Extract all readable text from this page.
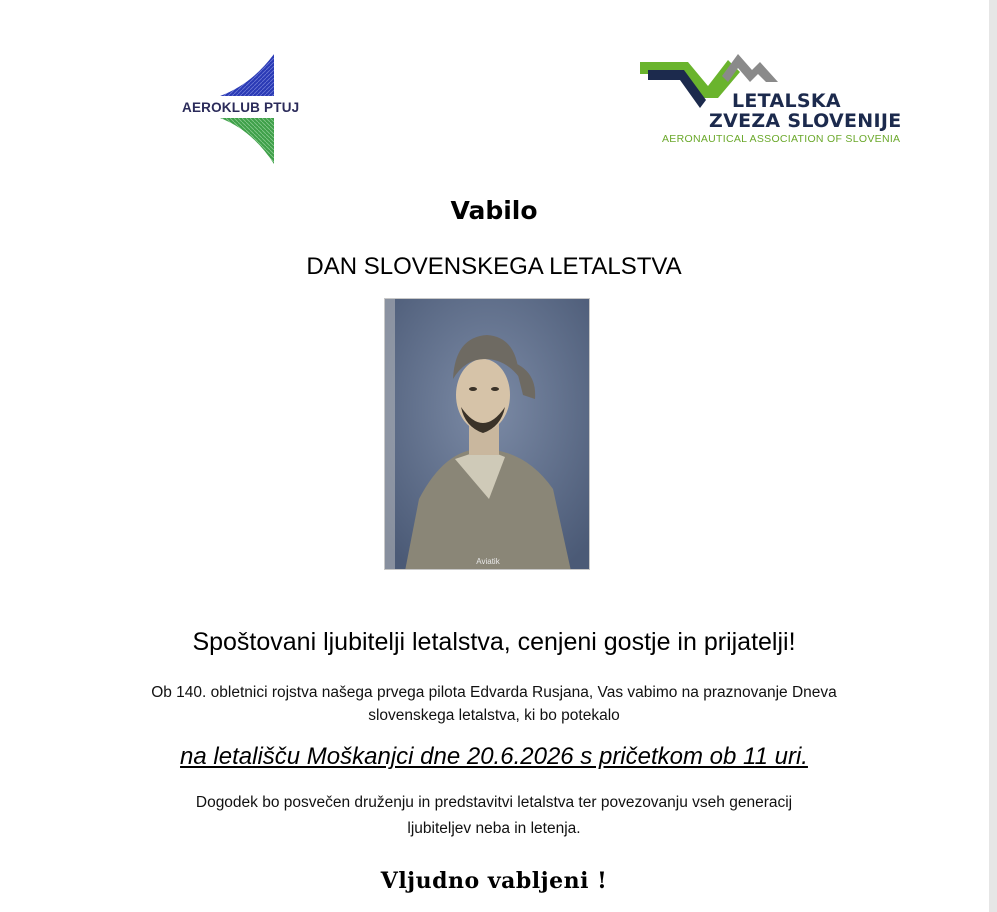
AEROKLUB PTUJ	LETALSKA
ZVEZA SLOVENIJE
AERONAUTICAL ASSOCIATION OF SLOVENIA
Vabilo
DAN SLOVENSKEGA LETALSTVA
Aviatik
Spoštovani ljubitelji letalstva, cenjeni gostje in prijatelji!
Ob 140. obletnici rojstva našega prvega pilota Edvarda Rusjana, Vas vabimo na praznovanje Dneva
slovenskega letalstva, ki bo potekalo
na letališču Moškanjci dne 20.6.2026 s pričetkom ob 11 uri.
Dogodek bo posvečen druženju in predstavitvi letalstva ter povezovanju vseh generacij
ljubiteljev neba in letenja.
Vljudno vabljeni !
